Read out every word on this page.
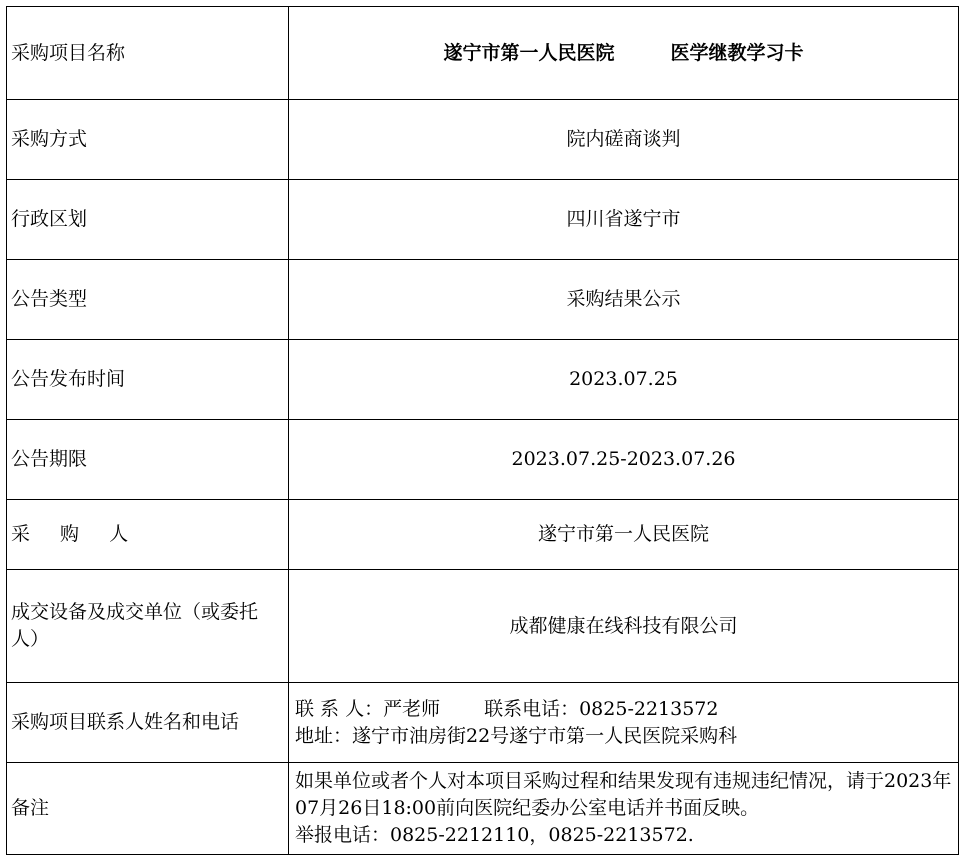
采购项目名称	遂宁市第一人民医院 医学继教学习卡
采购方式	院内磋商谈判
行政区划	四川省遂宁市
公告类型	采购结果公示
公告发布时间	2023.07.25
公告期限	2023.07.25-2023.07.26
采 购 人	遂宁市第一人民医院
成交设备及成交单位（或委托人）	成都健康在线科技有限公司
采购项目联系人姓名和电话	联 系 人：严老师 联系电话：0825-2213572
地址：遂宁市油房街22号遂宁市第一人民医院采购科

备注	如果单位或者个人对本项目采购过程和结果发现有违规违纪情况，请于2023年07月26日18:00前向医院纪委办公室电话并书面反映。
举报电话：0825-2212110，0825-2213572.
